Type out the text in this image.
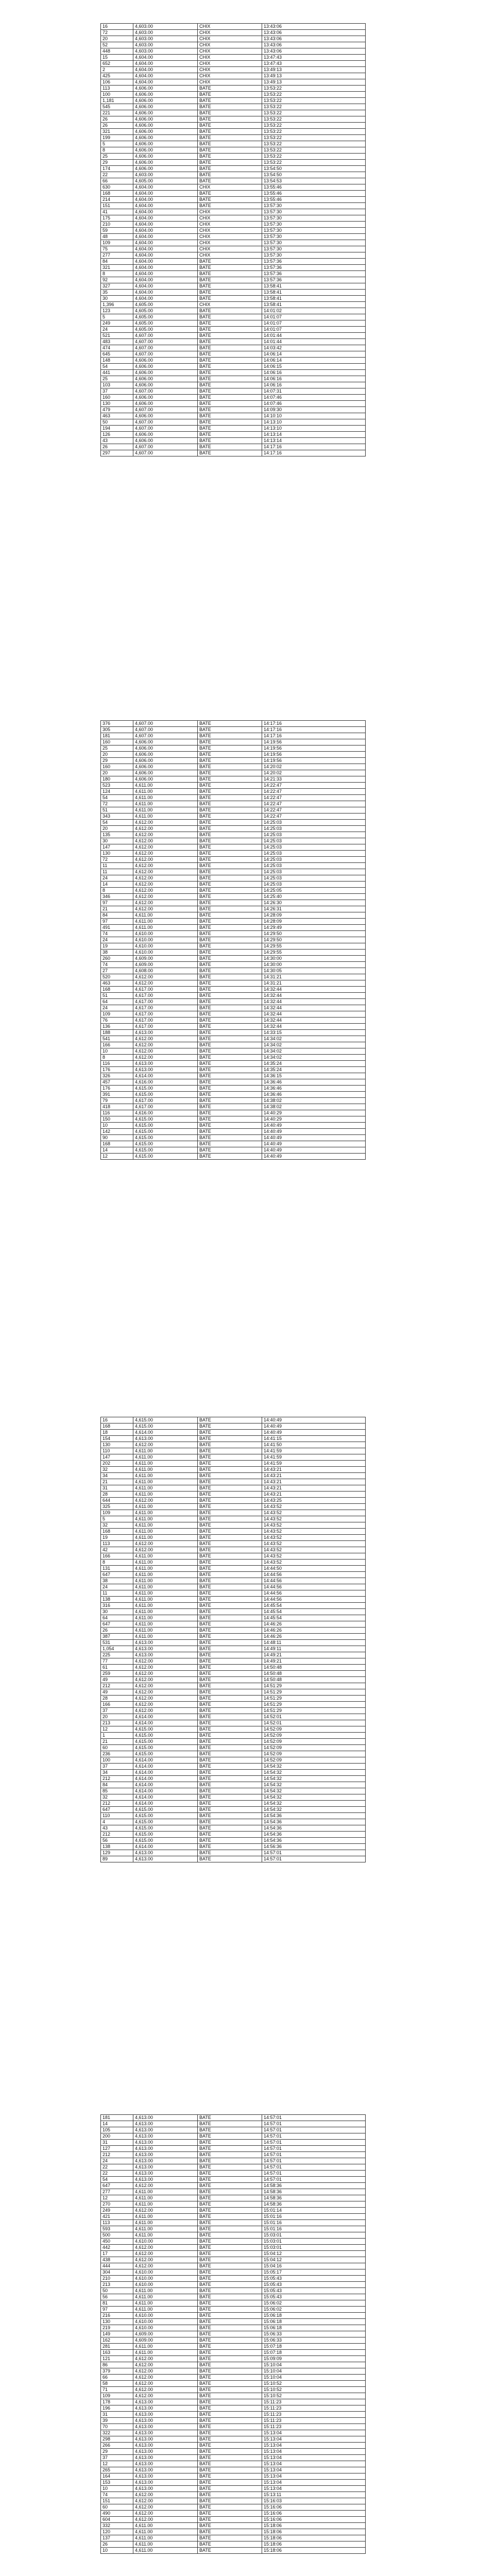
16	4,603.00	CHIX	13:43:06
72	4,603.00	CHIX	13:43:06
20	4,603.00	CHIX	13:43:06
52	4,603.00	CHIX	13:43:06
448	4,603.00	CHIX	13:43:06
15	4,604.00	CHIX	13:47:43
652	4,604.00	CHIX	13:47:43
2	4,604.00	CHIX	13:49:13
425	4,604.00	CHIX	13:49:13
106	4,604.00	CHIX	13:49:13
113	4,606.00	BATE	13:53:22
100	4,606.00	BATE	13:53:22
1,181	4,606.00	BATE	13:53:22
545	4,606.00	BATE	13:53:22
221	4,606.00	BATE	13:53:22
26	4,606.00	BATE	13:53:22
26	4,606.00	BATE	13:53:22
321	4,606.00	BATE	13:53:22
199	4,606.00	BATE	13:53:22
5	4,606.00	BATE	13:53:22
8	4,606.00	BATE	13:53:22
25	4,606.00	BATE	13:53:22
29	4,606.00	BATE	13:53:22
174	4,606.00	BATE	13:54:50
22	4,603.00	BATE	13:54:50
66	4,605.00	BATE	13:54:53
630	4,604.00	CHIX	13:55:46
168	4,604.00	BATE	13:55:46
214	4,604.00	BATE	13:55:46
151	4,604.00	BATE	13:57:30
41	4,604.00	CHIX	13:57:30
175	4,604.00	CHIX	13:57:30
210	4,604.00	CHIX	13:57:30
59	4,604.00	CHIX	13:57:30
48	4,604.00	CHIX	13:57:30
109	4,604.00	CHIX	13:57:30
75	4,604.00	CHIX	13:57:30
277	4,604.00	CHIX	13:57:30
84	4,604.00	BATE	13:57:36
321	4,604.00	BATE	13:57:36
8	4,604.00	BATE	13:57:36
92	4,604.00	BATE	13:57:36
327	4,604.00	BATE	13:58:41
35	4,604.00	BATE	13:58:41
30	4,604.00	BATE	13:58:41
1,396	4,605.00	CHIX	13:58:41
123	4,605.00	BATE	14:01:02
5	4,605.00	BATE	14:01:07
249	4,605.00	BATE	14:01:07
24	4,605.00	BATE	14:01:07
521	4,607.00	BATE	14:01:44
483	4,607.00	BATE	14:01:44
474	4,607.00	BATE	14:03:42
645	4,607.00	BATE	14:06:14
148	4,606.00	BATE	14:06:14
54	4,606.00	BATE	14:06:15
441	4,606.00	BATE	14:06:16
25	4,606.00	BATE	14:06:16
103	4,606.00	BATE	14:06:16
37	4,607.00	BATE	14:07:31
160	4,606.00	BATE	14:07:46
130	4,606.00	BATE	14:07:46
479	4,607.00	BATE	14:09:30
463	4,606.00	BATE	14:10:10
50	4,607.00	BATE	14:13:10
194	4,607.00	BATE	14:13:10
126	4,606.00	BATE	14:13:14
43	4,606.00	BATE	14:13:14
26	4,607.00	BATE	14:17:16
297	4,607.00	BATE	14:17:16
376	4,607.00	BATE	14:17:16
305	4,607.00	BATE	14:17:16
181	4,607.00	BATE	14:17:16
160	4,606.00	BATE	14:19:56
25	4,606.00	BATE	14:19:56
20	4,606.00	BATE	14:19:56
29	4,606.00	BATE	14:19:56
160	4,606.00	BATE	14:20:02
20	4,606.00	BATE	14:20:02
180	4,606.00	BATE	14:21:33
523	4,611.00	BATE	14:22:47
124	4,611.00	BATE	14:22:47
54	4,611.00	BATE	14:22:47
72	4,611.00	BATE	14:22:47
51	4,611.00	BATE	14:22:47
343	4,611.00	BATE	14:22:47
54	4,612.00	BATE	14:25:03
20	4,612.00	BATE	14:25:03
135	4,612.00	BATE	14:25:03
30	4,612.00	BATE	14:25:03
147	4,612.00	BATE	14:25:03
130	4,612.00	BATE	14:25:03
72	4,612.00	BATE	14:25:03
11	4,612.00	BATE	14:25:03
11	4,612.00	BATE	14:25:03
24	4,612.00	BATE	14:25:03
14	4,612.00	BATE	14:25:03
8	4,612.00	BATE	14:25:05
346	4,612.00	BATE	14:25:40
97	4,612.00	BATE	14:26:30
21	4,612.00	BATE	14:26:31
84	4,611.00	BATE	14:28:09
97	4,611.00	BATE	14:28:09
491	4,611.00	BATE	14:29:49
74	4,610.00	BATE	14:29:50
24	4,610.00	BATE	14:29:50
19	4,610.00	BATE	14:29:55
38	4,610.00	BATE	14:29:55
260	4,609.00	BATE	14:30:00
74	4,609.00	BATE	14:30:00
27	4,608.00	BATE	14:30:05
520	4,612.00	BATE	14:31:21
463	4,612.00	BATE	14:31:21
168	4,617.00	BATE	14:32:44
51	4,617.00	BATE	14:32:44
64	4,617.00	BATE	14:32:44
24	4,617.00	BATE	14:32:44
109	4,617.00	BATE	14:32:44
76	4,617.00	BATE	14:32:44
136	4,617.00	BATE	14:32:44
188	4,613.00	BATE	14:33:15
541	4,612.00	BATE	14:34:02
166	4,612.00	BATE	14:34:02
10	4,612.00	BATE	14:34:02
8	4,612.00	BATE	14:34:02
116	4,613.00	BATE	14:35:24
176	4,613.00	BATE	14:35:24
326	4,614.00	BATE	14:36:15
457	4,616.00	BATE	14:36:46
176	4,615.00	BATE	14:36:46
391	4,615.00	BATE	14:36:46
79	4,617.00	BATE	14:38:02
418	4,617.00	BATE	14:38:02
116	4,616.00	BATE	14:40:29
150	4,615.00	BATE	14:40:29
10	4,615.00	BATE	14:40:49
142	4,615.00	BATE	14:40:49
90	4,615.00	BATE	14:40:49
168	4,615.00	BATE	14:40:49
14	4,615.00	BATE	14:40:49
12	4,615.00	BATE	14:40:49
16	4,615.00	BATE	14:40:49
168	4,615.00	BATE	14:40:49
18	4,614.00	BATE	14:40:49
154	4,613.00	BATE	14:41:15
130	4,612.00	BATE	14:41:50
110	4,611.00	BATE	14:41:59
147	4,611.00	BATE	14:41:59
202	4,611.00	BATE	14:41:59
32	4,611.00	BATE	14:43:21
34	4,611.00	BATE	14:43:21
21	4,611.00	BATE	14:43:21
31	4,611.00	BATE	14:43:21
28	4,611.00	BATE	14:43:21
644	4,612.00	BATE	14:43:25
325	4,611.00	BATE	14:43:52
109	4,611.00	BATE	14:43:52
5	4,611.00	BATE	14:43:52
32	4,611.00	BATE	14:43:52
168	4,611.00	BATE	14:43:52
19	4,611.00	BATE	14:43:52
113	4,612.00	BATE	14:43:52
42	4,612.00	BATE	14:43:52
166	4,611.00	BATE	14:43:52
8	4,611.00	BATE	14:43:52
131	4,611.00	BATE	14:44:50
647	4,611.00	BATE	14:44:56
38	4,611.00	BATE	14:44:56
24	4,611.00	BATE	14:44:56
11	4,611.00	BATE	14:44:56
138	4,611.00	BATE	14:44:56
316	4,611.00	BATE	14:45:54
30	4,611.00	BATE	14:45:54
64	4,611.00	BATE	14:45:54
647	4,611.00	BATE	14:46:26
26	4,611.00	BATE	14:46:26
387	4,611.00	BATE	14:46:26
531	4,613.00	BATE	14:48:11
1,054	4,613.00	BATE	14:49:11
225	4,613.00	BATE	14:49:21
77	4,612.00	BATE	14:49:21
61	4,612.00	BATE	14:50:48
259	4,612.00	BATE	14:50:48
49	4,612.00	BATE	14:50:48
212	4,612.00	BATE	14:51:29
49	4,612.00	BATE	14:51:29
28	4,612.00	BATE	14:51:29
166	4,612.00	BATE	14:51:29
37	4,612.00	BATE	14:51:29
20	4,614.00	BATE	14:52:01
213	4,614.00	BATE	14:52:01
12	4,615.00	BATE	14:52:09
1	4,615.00	BATE	14:52:09
21	4,615.00	BATE	14:52:09
60	4,615.00	BATE	14:52:09
236	4,615.00	BATE	14:52:09
100	4,614.00	BATE	14:52:09
37	4,614.00	BATE	14:54:32
34	4,614.00	BATE	14:54:32
212	4,614.00	BATE	14:54:32
84	4,614.00	BATE	14:54:32
85	4,614.00	BATE	14:54:32
32	4,614.00	BATE	14:54:32
212	4,614.00	BATE	14:54:32
647	4,615.00	BATE	14:54:32
110	4,615.00	BATE	14:54:36
4	4,615.00	BATE	14:54:36
43	4,615.00	BATE	14:54:36
212	4,615.00	BATE	14:54:36
56	4,615.00	BATE	14:54:36
138	4,614.00	BATE	14:56:36
129	4,613.00	BATE	14:57:01
89	4,613.00	BATE	14:57:01
181	4,613.00	BATE	14:57:01
14	4,613.00	BATE	14:57:01
105	4,613.00	BATE	14:57:01
200	4,613.00	BATE	14:57:01
31	4,613.00	BATE	14:57:01
127	4,613.00	BATE	14:57:01
212	4,613.00	BATE	14:57:01
24	4,613.00	BATE	14:57:01
22	4,613.00	BATE	14:57:01
22	4,613.00	BATE	14:57:01
54	4,613.00	BATE	14:57:01
647	4,612.00	BATE	14:58:36
277	4,611.00	BATE	14:58:36
12	4,611.00	BATE	14:58:36
270	4,611.00	BATE	14:58:36
249	4,612.00	BATE	15:01:14
421	4,611.00	BATE	15:01:16
113	4,611.00	BATE	15:01:16
593	4,611.00	BATE	15:01:16
500	4,611.00	BATE	15:03:01
450	4,610.00	BATE	15:03:01
442	4,612.00	BATE	15:03:01
17	4,612.00	BATE	15:04:12
438	4,612.00	BATE	15:04:12
444	4,612.00	BATE	15:04:16
304	4,610.00	BATE	15:05:17
210	4,610.00	BATE	15:05:43
213	4,610.00	BATE	15:05:43
50	4,611.00	BATE	15:05:43
56	4,611.00	BATE	15:05:43
81	4,611.00	BATE	15:06:02
97	4,611.00	BATE	15:06:02
216	4,610.00	BATE	15:06:18
130	4,610.00	BATE	15:06:18
219	4,610.00	BATE	15:06:18
149	4,609.00	BATE	15:06:33
162	4,609.00	BATE	15:06:33
281	4,611.00	BATE	15:07:18
163	4,611.00	BATE	15:07:18
121	4,612.00	BATE	15:09:09
86	4,612.00	BATE	15:10:04
379	4,612.00	BATE	15:10:04
66	4,612.00	BATE	15:10:04
58	4,612.00	BATE	15:10:52
71	4,612.00	BATE	15:10:52
109	4,612.00	BATE	15:10:52
178	4,613.00	BATE	15:11:23
196	4,613.00	BATE	15:11:23
31	4,613.00	BATE	15:11:23
39	4,613.00	BATE	15:11:23
70	4,613.00	BATE	15:11:23
322	4,613.00	BATE	15:13:04
298	4,613.00	BATE	15:13:04
266	4,613.00	BATE	15:13:04
29	4,613.00	BATE	15:13:04
37	4,613.00	BATE	15:13:04
12	4,613.00	BATE	15:13:04
265	4,613.00	BATE	15:13:04
164	4,613.00	BATE	15:13:04
153	4,613.00	BATE	15:13:04
10	4,613.00	BATE	15:13:04
74	4,612.00	BATE	15:13:11
151	4,612.00	BATE	15:16:03
60	4,612.00	BATE	15:16:06
490	4,612.00	BATE	15:16:06
604	4,612.00	BATE	15:16:06
332	4,611.00	BATE	15:18:06
120	4,611.00	BATE	15:18:06
137	4,611.00	BATE	15:18:06
26	4,611.00	BATE	15:18:06
10	4,611.00	BATE	15:18:06
